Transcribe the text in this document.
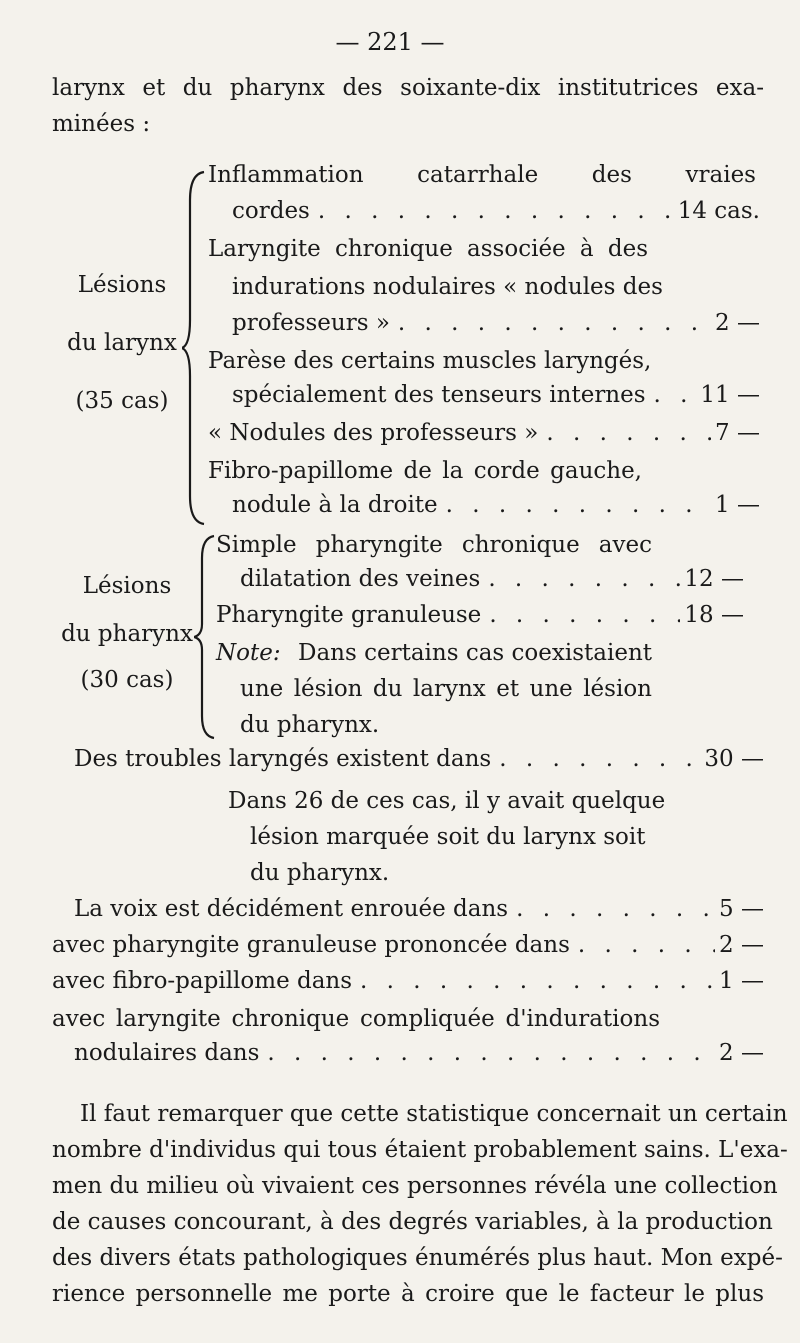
— 221 —
larynx et du pharynx des soixante-dix institutrices exa-
minées :
Lésions
du larynx
(35 cas)
Inflammation catarrhale des vraies
cordes . . .	14 cas.
Laryngite chronique associée à des
indurations nodulaires « nodules des
professeurs » . . .	2 —
Parèse des certains muscles laryngés,
spécialement des tenseurs internes . . . 11 —
« Nodules des professeurs » . . .	7 —
Fibro-papillome de la corde gauche,
nodule à la droite . . .	1 —
Lésions
du pharynx
(30 cas)
Simple pharyngite chronique avec
dilatation des veines . . .	12 —
Pharyngite granuleuse . . .	18 —
Note: Dans certains cas coexistaient
une lésion du larynx et une lésion
du pharynx.
Des troubles laryngés existent dans . . .	30 —
Dans 26 de ces cas, il y avait quelque
lésion marquée soit du larynx soit
du pharynx.
La voix est décidément enrouée dans . . .	5 —
avec pharyngite granuleuse prononcée dans . . .	2 —
avec fibro-papillome dans . . .	1 —
avec laryngite chronique compliquée d'indurations
nodulaires dans . . .	2 —
Il faut remarquer que cette statistique concernait un certain
nombre d'individus qui tous étaient probablement sains. L'exa-
men du milieu où vivaient ces personnes révéla une collection
de causes concourant, à des degrés variables, à la production
des divers états pathologiques énumérés plus haut. Mon expé-
rience personnelle me porte à croire que le facteur le plus
